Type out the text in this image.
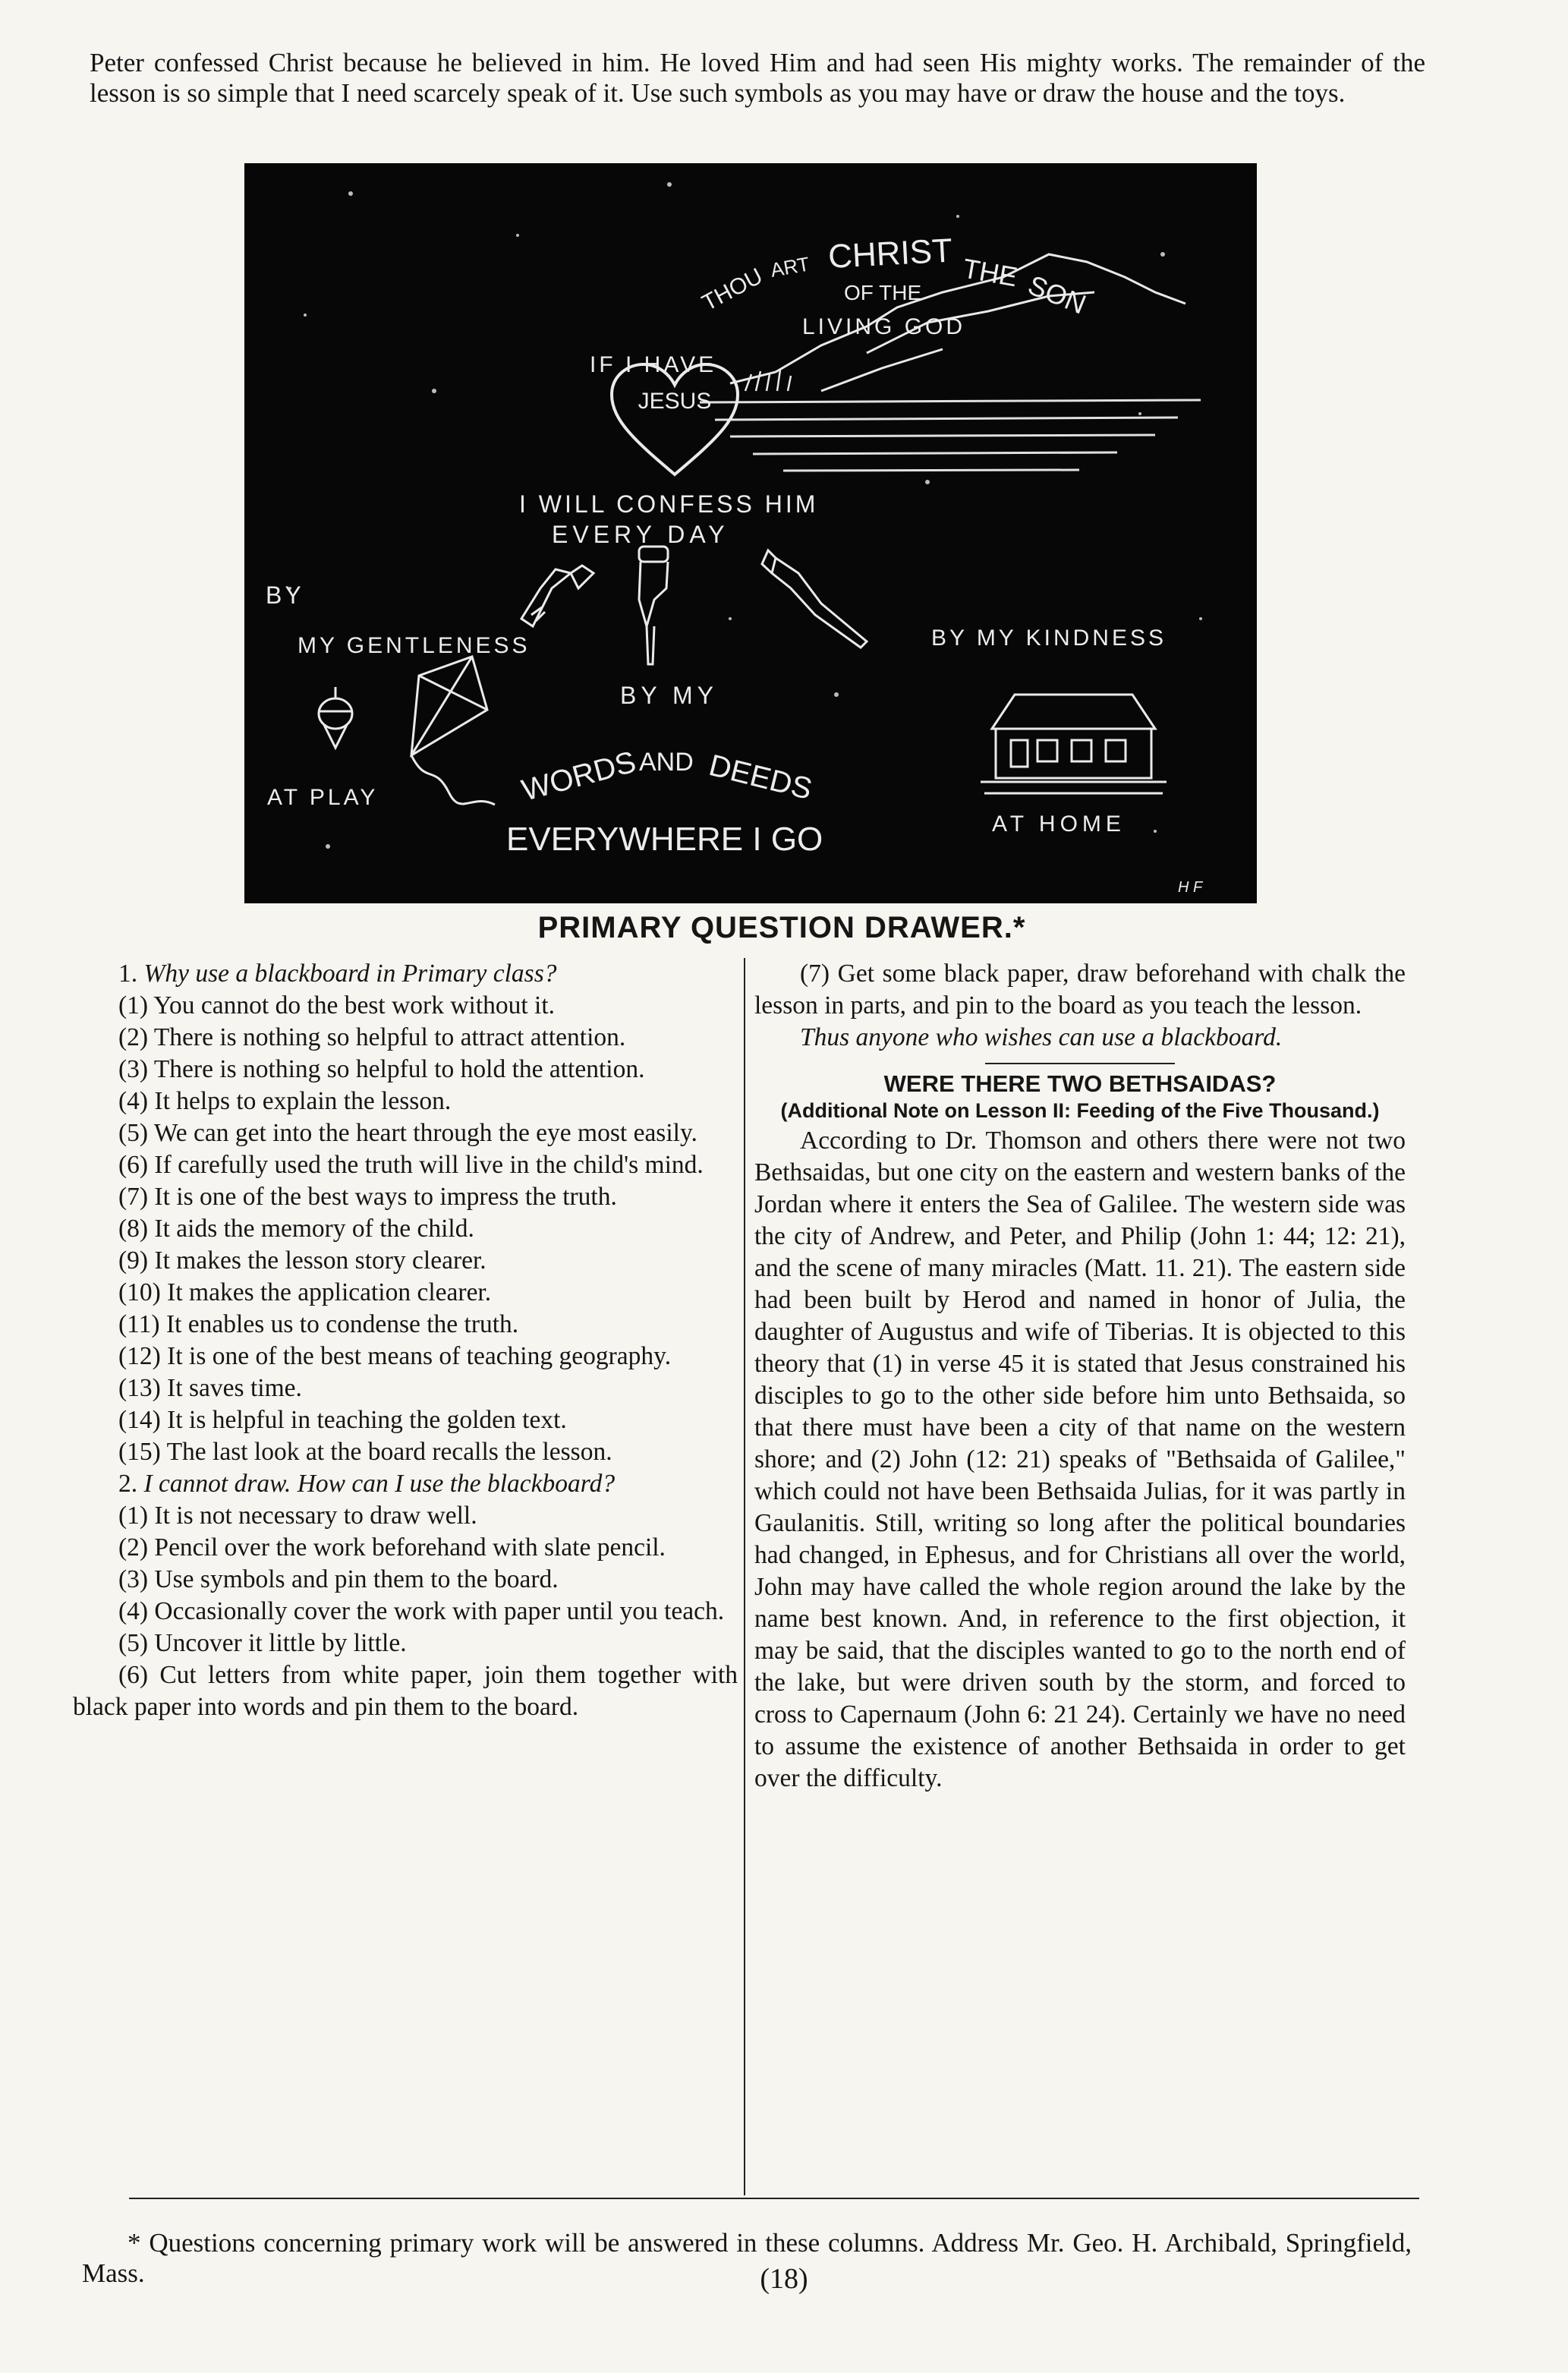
Peter confessed Christ because he believed in him. He loved Him and had seen His mighty works. The remainder of the lesson is so simple that I need scarcely speak of it. Use such symbols as you may have or draw the house and the toys.

THOU ART CHRIST THE SON
OF THE
LIVING GOD
IF I HAVE
JESUS
I WILL CONFESS HIM
EVERY DAY
BY
MY GENTLENESS	BY MY KINDNESS
BY MY
AT PLAY	WORDS AND DEEDS
EVERYWHERE I GO	AT HOME
H F
PRIMARY QUESTION DRAWER.*

1. Why use a blackboard in Primary class?

(1) You cannot do the best work without it.

(2) There is nothing so helpful to attract attention.

(3) There is nothing so helpful to hold the attention.

(4) It helps to explain the lesson.

(5) We can get into the heart through the eye most easily.

(6) If carefully used the truth will live in the child's mind.

(7) It is one of the best ways to impress the truth.

(8) It aids the memory of the child.

(9) It makes the lesson story clearer.

(10) It makes the application clearer.

(11) It enables us to condense the truth.

(12) It is one of the best means of teaching geography.

(13) It saves time.

(14) It is helpful in teaching the golden text.

(15) The last look at the board recalls the lesson.

2. I cannot draw. How can I use the blackboard?

(1) It is not necessary to draw well.

(2) Pencil over the work beforehand with slate pencil.

(3) Use symbols and pin them to the board.

(4) Occasionally cover the work with paper until you teach.

(5) Uncover it little by little.

(6) Cut letters from white paper, join them together with black paper into words and pin them to the board.

(7) Get some black paper, draw beforehand with chalk the lesson in parts, and pin to the board as you teach the lesson.

Thus anyone who wishes can use a blackboard.

WERE THERE TWO BETHSAIDAS?
(Additional Note on Lesson II: Feeding of the Five Thousand.)

According to Dr. Thomson and others there were not two Bethsaidas, but one city on the eastern and western banks of the Jordan where it enters the Sea of Galilee. The western side was the city of Andrew, and Peter, and Philip (John 1: 44; 12: 21), and the scene of many miracles (Matt. 11. 21). The eastern side had been built by Herod and named in honor of Julia, the daughter of Augustus and wife of Tiberias. It is objected to this theory that (1) in verse 45 it is stated that Jesus constrained his disciples to go to the other side before him unto Bethsaida, so that there must have been a city of that name on the western shore; and (2) John (12: 21) speaks of "Bethsaida of Galilee," which could not have been Bethsaida Julias, for it was partly in Gaulanitis. Still, writing so long after the political boundaries had changed, in Ephesus, and for Christians all over the world, John may have called the whole region around the lake by the name best known. And, in reference to the first objection, it may be said, that the disciples wanted to go to the north end of the lake, but were driven south by the storm, and forced to cross to Capernaum (John 6: 21 24). Certainly we have no need to assume the existence of another Bethsaida in order to get over the difficulty.

* Questions concerning primary work will be answered in these columns. Address Mr. Geo. H. Archibald, Springfield, Mass.	(18)
